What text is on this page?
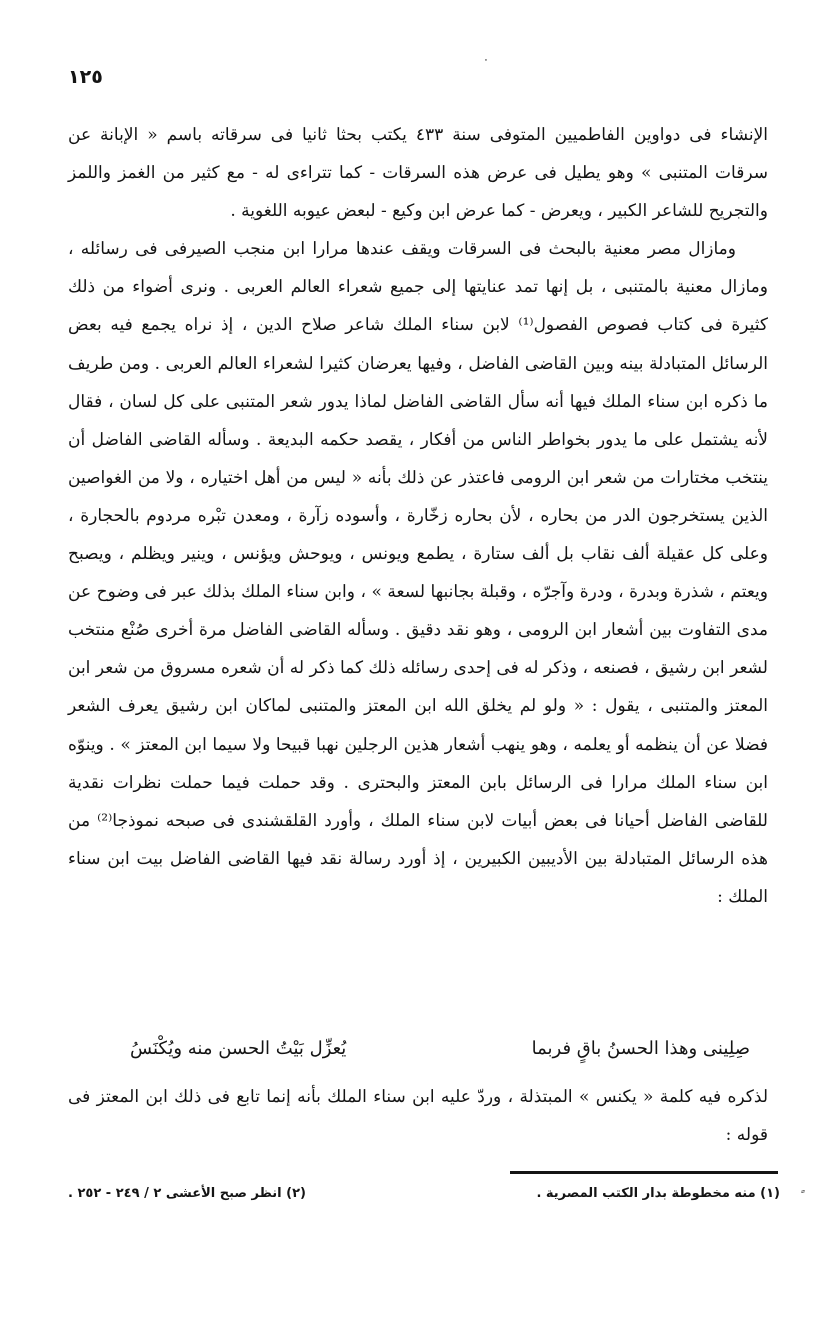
٠
١٢٥

الإنشاء فى دواوين الفاطميين المتوفى سنة ٤٣٣ يكتب بحثا ثانيا فى سرقاته باسم « الإبانة عن سرقات المتنبى » وهو يطيل فى عرض هذه السرقات - كما تتراءى له - مع كثير من الغمز واللمز والتجريح للشاعر الكبير ، ويعرض - كما عرض ابن وكيع - لبعض عيوبه اللغوية .

ومازال مصر معنية بالبحث فى السرقات ويقف عندها مرارا ابن منجب الصيرفى فى رسائله ، ومازال معنية بالمتنبى ، بل إنها تمد عنايتها إلى جميع شعراء العالم العربى . ونرى أضواء من ذلك كثيرة فى كتاب فصوص الفصول⁽¹⁾ لابن سناء الملك شاعر صلاح الدين ، إذ نراه يجمع فيه بعض الرسائل المتبادلة بينه وبين القاضى الفاضل ، وفيها يعرضان كثيرا لشعراء العالم العربى . ومن طريف ما ذكره ابن سناء الملك فيها أنه سأل القاضى الفاضل لماذا يدور شعر المتنبى على كل لسان ، فقال لأنه يشتمل على ما يدور بخواطر الناس من أفكار ، يقصد حكمه البديعة . وسأله القاضى الفاضل أن ينتخب مختارات من شعر ابن الرومى فاعتذر عن ذلك بأنه « ليس من أهل اختياره ، ولا من الغواصين الذين يستخرجون الدر من بحاره ، لأن بحاره زخّارة ، وأسوده زآرة ، ومعدن تبْره مردوم بالحجارة ، وعلى كل عقيلة ألف نقاب بل ألف ستارة ، يطمع ويونس ، ويوحش ويؤنس ، وينير ويظلم ، ويصبح ويعتم ، شذرة وبدرة ، ودرة وآجرّه ، وقبلة بجانبها لسعة » ، وابن سناء الملك بذلك عبر فى وضوح عن مدى التفاوت بين أشعار ابن الرومى ، وهو نقد دقيق . وسأله القاضى الفاضل مرة أخرى صُنْع منتخب لشعر ابن رشيق ، فصنعه ، وذكر له فى إحدى رسائله ذلك كما ذكر له أن شعره مسروق من شعر ابن المعتز والمتنبى ، يقول : « ولو لم يخلق الله ابن المعتز والمتنبى لماكان ابن رشيق يعرف الشعر فضلا عن أن ينظمه أو يعلمه ، وهو ينهب أشعار هذين الرجلين نهبا قبيحا ولا سيما ابن المعتز » . وينوّه ابن سناء الملك مرارا فى الرسائل بابن المعتز والبحترى . وقد حملت فيما حملت نظرات نقدية للقاضى الفاضل أحيانا فى بعض أبيات لابن سناء الملك ، وأورد القلقشندى فى صبحه نموذجا⁽²⁾ من هذه الرسائل المتبادلة بين الأديبين الكبيرين ، إذ أورد رسالة نقد فيها القاضى الفاضل بيت ابن سناء الملك :

صِلِينى وهذا الحسنُ باقٍ فربما
يُعزِّل بَيْتُ الحسن منه ويُكْنَسُ

لذكره فيه كلمة « يكنس » المبتذلة ، وردّ عليه ابن سناء الملك بأنه إنما تابع فى ذلك ابن المعتز فى قوله :

(١) منه مخطوطة بدار الكتب المصرية .
(٢) انظر صبح الأعشى ٢ / ٢٤٩ - ٢٥٢ .
